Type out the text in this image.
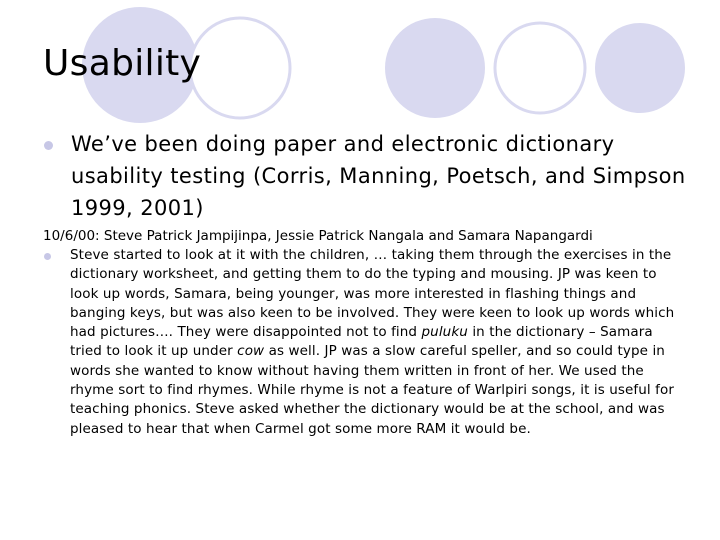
Usability

We’ve been doing paper and electronic dictionary usability testing (Corris, Manning, Poetsch, and Simpson 1999, 2001)

10/6/00: Steve Patrick Jampijinpa, Jessie Patrick Nangala and Samara Napangardi

Steve started to look at it with the children, … taking them through the exercises in the dictionary worksheet, and getting them to do the typing and mousing. JP was keen to look up words, Samara, being younger, was more interested in flashing things and banging keys, but was also keen to be involved. They were keen to look up words which had pictures…. They were disappointed not to find puluku in the dictionary – Samara tried to look it up under cow as well. JP was a slow careful speller, and so could type in words she wanted to know without having them written in front of her. We used the rhyme sort to find rhymes. While rhyme is not a feature of Warlpiri songs, it is useful for teaching phonics. Steve asked whether the dictionary would be at the school, and was pleased to hear that when Carmel got some more RAM it would be.
